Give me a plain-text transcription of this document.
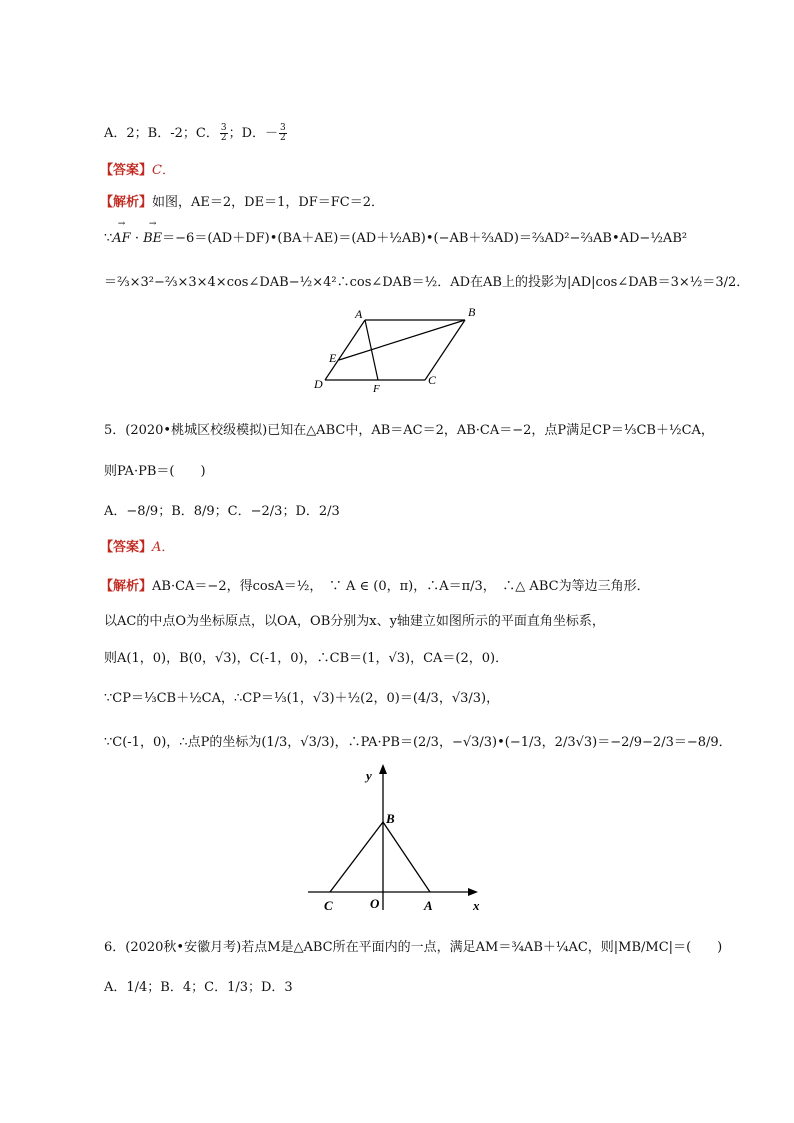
A．2；B．-2；C． $\frac{3}{2}$ ；D．－ $\frac{3}{2}$
【答案】C．
【解析】如图，AE＝2，DE＝1，DF＝FC＝2．
∵→ AF · → BE＝−6＝(AD＋DF)•(BA＋AE)＝(AD＋½AB)•(−AB＋⅔AD)＝⅔AD²−⅔AB•AD−½AB²
＝⅔×3²−⅔×3×4×cos∠DAB−½×4²∴cos∠DAB＝½．AD在AB上的投影为|AD|cos∠DAB＝3×½＝3/2．
A	B
C
D
E
F
5．(2020•桃城区校级模拟)已知在△ABC中，AB＝AC＝2，AB·CA＝−2，点P满足CP＝⅓CB＋½CA，
则PA·PB＝(　　)
A．−8/9；B．8/9；C．−2/3；D．2/3
【答案】A．
【解析】AB·CA＝−2，得cosA＝½，　∵ A ∈ (0，π)，∴A＝π/3，　∴△ ABC为等边三角形．
以AC的中点O为坐标原点，以OA，OB分别为x、y轴建立如图所示的平面直角坐标系，
则A(1，0)，B(0，√3)，C(-1，0)，∴CB＝(1，√3)，CA＝(2，0)．
∵CP＝⅓CB＋½CA，∴CP＝⅓(1，√3)＋½(2，0)＝(4/3，√3/3)，
∵C(-1，0)，∴点P的坐标为(1/3，√3/3)，∴PA·PB＝(2/3，−√3/3)•(−1/3，2/3√3)＝−2/9−2/3＝−8/9．
y
x
B
C	O	A
6．(2020秋•安徽月考)若点M是△ABC所在平面内的一点，满足AM＝¾AB＋¼AC，则|MB/MC|＝(　　)
A．1/4；B．4；C．1/3；D．3
